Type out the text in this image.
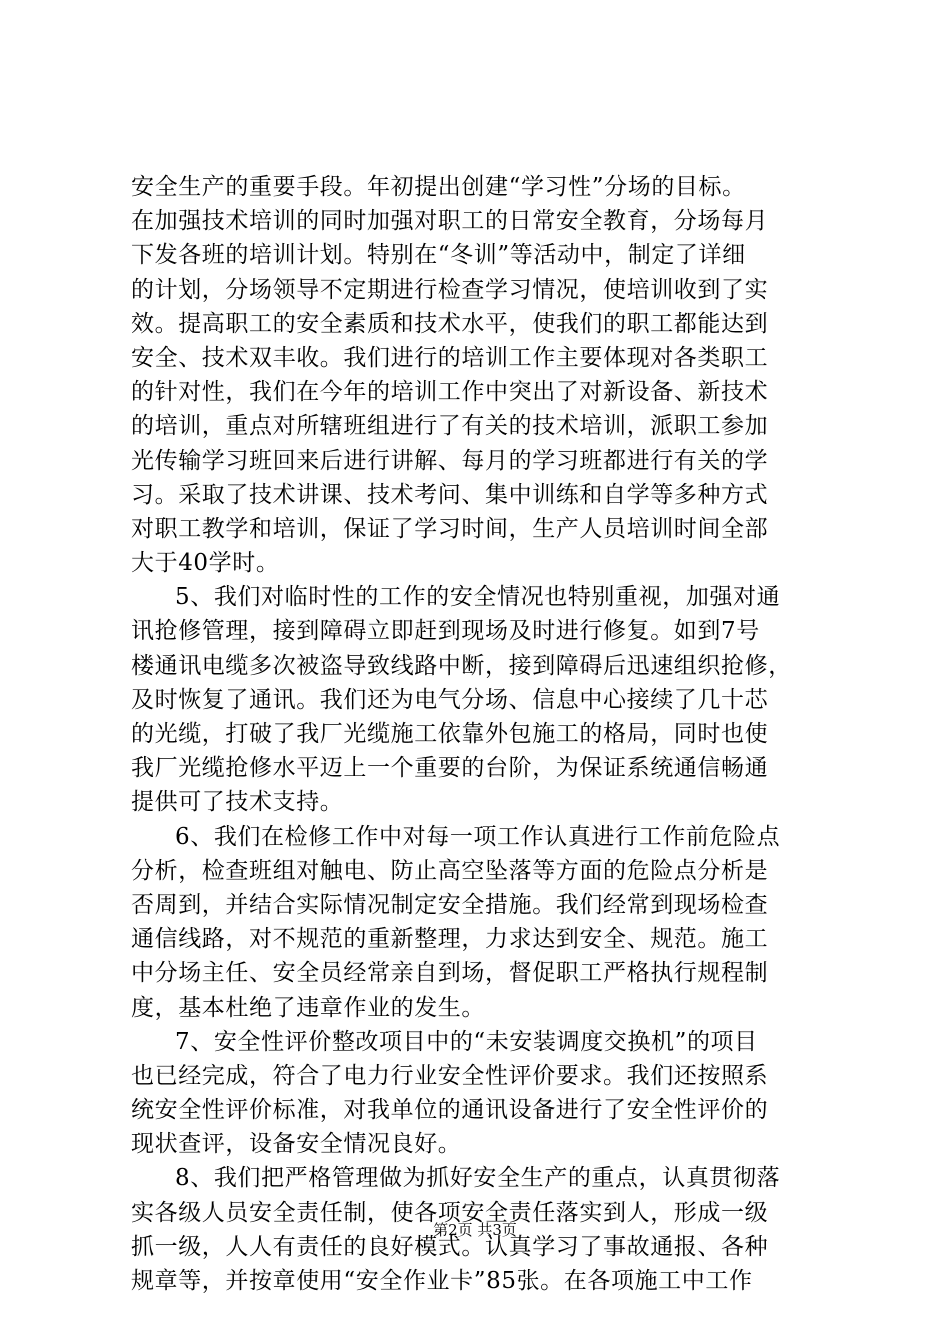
安全生产的重要手段。年初提出创建“学习性”分场的目标。
在加强技术培训的同时加强对职工的日常安全教育，分场每月
下发各班的培训计划。特别在“冬训”等活动中，制定了详细
的计划，分场领导不定期进行检查学习情况，使培训收到了实
效。提高职工的安全素质和技术水平，使我们的职工都能达到
安全、技术双丰收。我们进行的培训工作主要体现对各类职工
的针对性，我们在今年的培训工作中突出了对新设备、新技术
的培训，重点对所辖班组进行了有关的技术培训，派职工参加
光传输学习班回来后进行讲解、每月的学习班都进行有关的学
习。采取了技术讲课、技术考问、集中训练和自学等多种方式
对职工教学和培训，保证了学习时间，生产人员培训时间全部
大于40学时。
5、我们对临时性的工作的安全情况也特别重视，加强对通
讯抢修管理，接到障碍立即赶到现场及时进行修复。如到7号
楼通讯电缆多次被盗导致线路中断，接到障碍后迅速组织抢修，
及时恢复了通讯。我们还为电气分场、信息中心接续了几十芯
的光缆，打破了我厂光缆施工依靠外包施工的格局，同时也使
我厂光缆抢修水平迈上一个重要的台阶，为保证系统通信畅通
提供可了技术支持。
6、我们在检修工作中对每一项工作认真进行工作前危险点
分析，检查班组对触电、防止高空坠落等方面的危险点分析是
否周到，并结合实际情况制定安全措施。我们经常到现场检查
通信线路，对不规范的重新整理，力求达到安全、规范。施工
中分场主任、安全员经常亲自到场，督促职工严格执行规程制
度，基本杜绝了违章作业的发生。
7、安全性评价整改项目中的“未安装调度交换机”的项目
也已经完成，符合了电力行业安全性评价要求。我们还按照系
统安全性评价标准，对我单位的通讯设备进行了安全性评价的
现状查评，设备安全情况良好。
8、我们把严格管理做为抓好安全生产的重点，认真贯彻落
实各级人员安全责任制，使各项安全责任落实到人，形成一级
抓一级，人人有责任的良好模式。认真学习了事故通报、各种
规章等，并按章使用“安全作业卡”85张。在各项施工中工作
第2页 共3页
